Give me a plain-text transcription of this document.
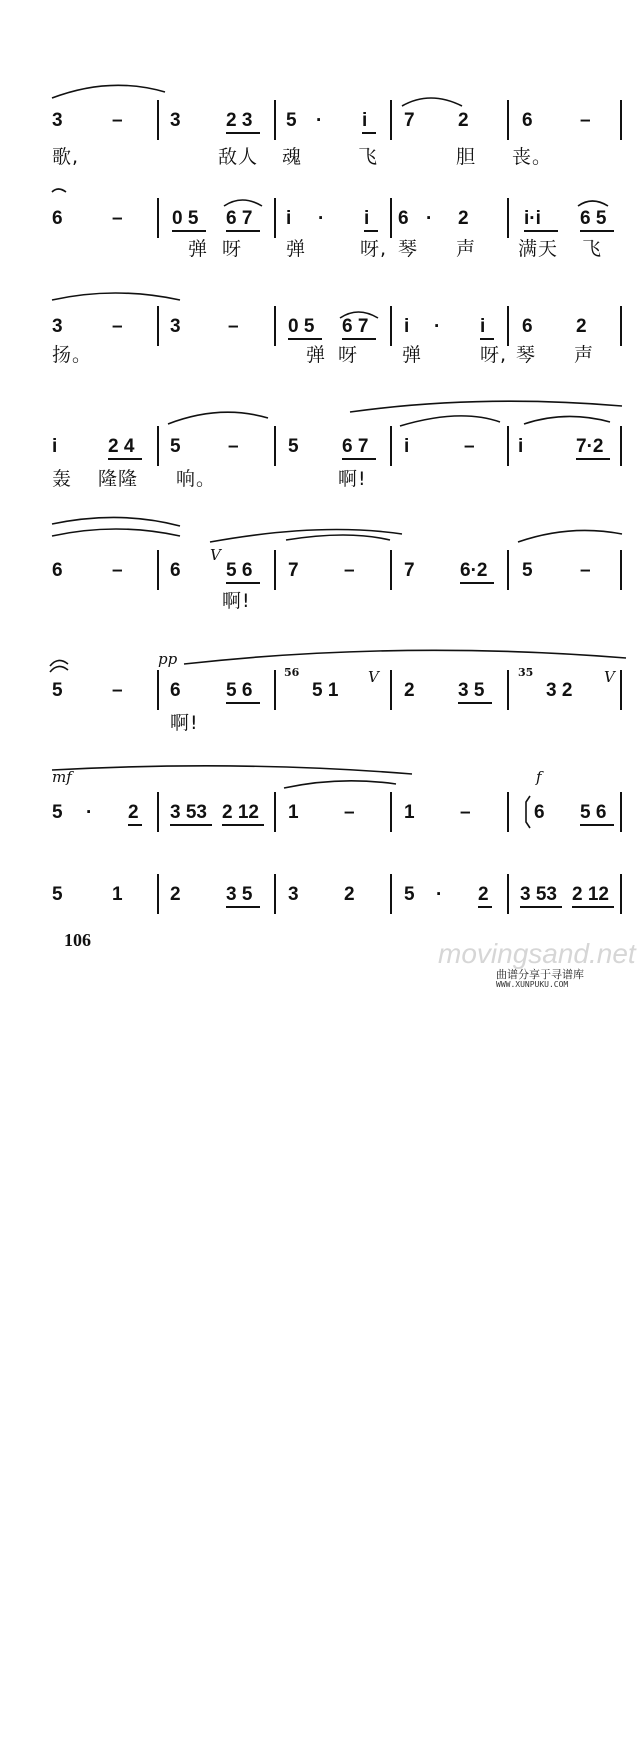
3	– 3 2 3 5 · i 7 2	6 –
歌,	敌人 魂	飞	胆 丧。
6	–	0 5 6 7 i · i 6 · 2	i·i 6 5
弹 呀 弹	呀, 琴 声 满天 飞
3	– 3 –	0 5 6 7 i · i 6 2
扬。	弹 呀 弹	呀, 琴 声
i	2 4 5 –	5 6 7 i	– i	7·2
轰 隆隆 响。	啊!
V
6	– 6 5 6 7 –	7 6·2 5 –
啊!
pp
V	V
5	– 6 5 6	5 1	2 3 5	3 2
56	35
啊!
mf	f
5 · 2 3 53 2 12 1 –	1 –	6 5 6
5	1 2 3 5 3 2	5 · 2 3 53 2 12
106	movingsand.net
曲谱分享于寻谱库
WWW.XUNPUKU.COM
